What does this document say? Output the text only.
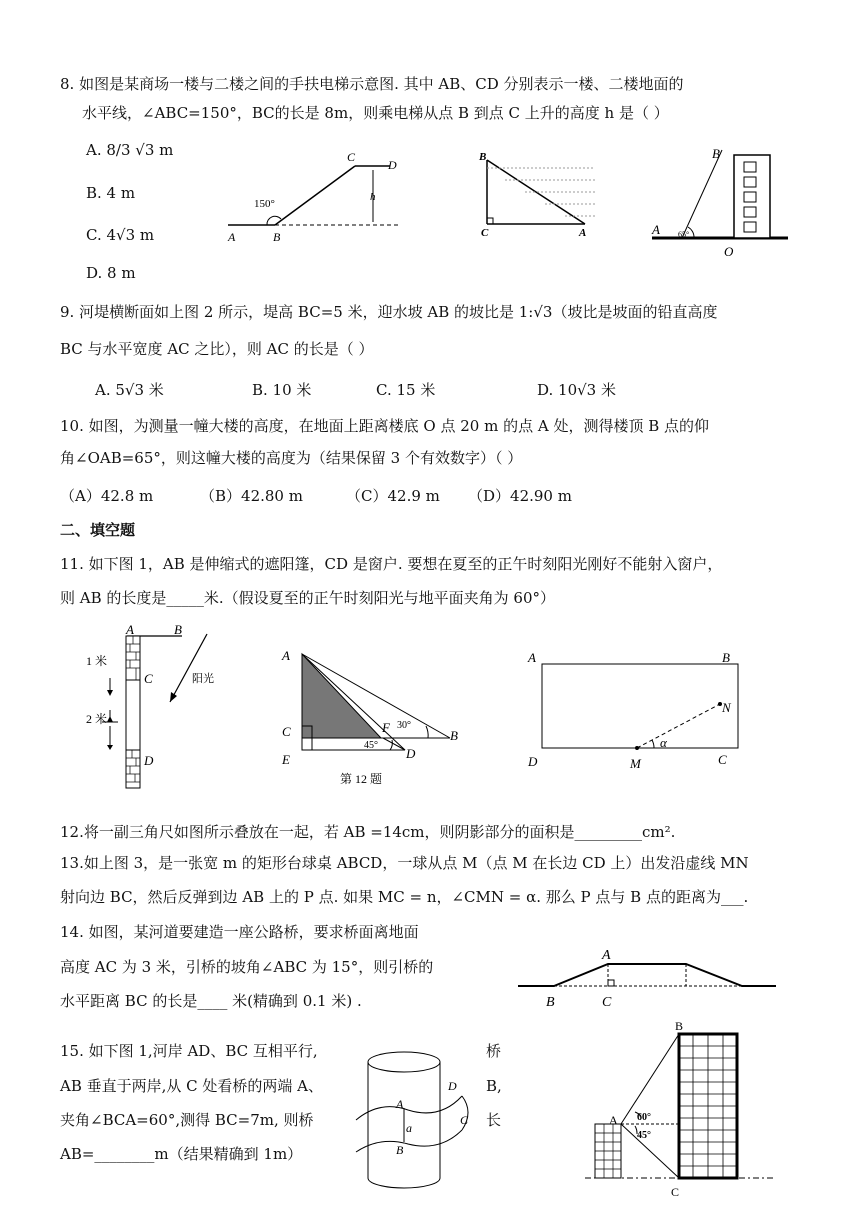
8. 如图是某商场一楼与二楼之间的手扶电梯示意图. 其中 AB、CD 分别表示一楼、二楼地面的
水平线，∠ABC=150°，BC的长是 8m，则乘电梯从点 B 到点 C 上升的高度 h 是（ ）
A. 8/3 √3 m
B. 4 m
C. 4√3 m
D. 8 m
C
D
150°
h
A	B
B
C	A
B
A 65°
O
9. 河堤横断面如上图 2 所示，堤高 BC=5 米，迎水坡 AB 的坡比是 1:√3（坡比是坡面的铅直高度
BC 与水平宽度 AC 之比），则 AC 的长是（ ）
A. 5√3 米	B. 10 米	C. 15 米	D. 10√3 米
10. 如图，为测量一幢大楼的高度，在地面上距离楼底 O 点 20 m 的点 A 处，测得楼顶 B 点的仰
角∠OAB=65°，则这幢大楼的高度为（结果保留 3 个有效数字）（ ）
（A）42.8 m	（B）42.80 m	（C）42.9 m （D）42.90 m
二、填空题
11. 如下图 1，AB 是伸缩式的遮阳篷，CD 是窗户. 要想在夏至的正午时刻阳光刚好不能射入窗户，
则 AB 的长度是_____米.（假设夏至的正午时刻阳光与地平面夹角为 60°）
A	B
1 米
C	阳光
2 米
D
A
C	F 30°
B
45°
E	D
第 12 题
A	B
N
α
D	M	C
12.将一副三角尺如图所示叠放在一起，若 AB =14cm，则阴影部分的面积是_________cm².
13.如上图 3，是一张宽 m 的矩形台球桌 ABCD，一球从点 M（点 M 在长边 CD 上）出发沿虚线 MN
射向边 BC，然后反弹到边 AB 上的 P 点. 如果 MC = n，∠CMN = α. 那么 P 点与 B 点的距离为___.
14. 如图，某河道要建造一座公路桥，要求桥面离地面
高度 AC 为 3 米，引桥的坡角∠ABC 为 15°，则引桥的
水平距离 BC 的长是____ 米(精确到 0.1 米) .
A
B	C
15. 如下图 1,河岸 AD、BC 互相平行,	桥
AB 垂直于两岸,从 C 处看桥的两端 A、	B,
夹角∠BCA=60°,测得 BC=7m, 则桥	长
AB=________m（结果精确到 1m）
D
A
a
C
B
B
A 60°
45°
C
